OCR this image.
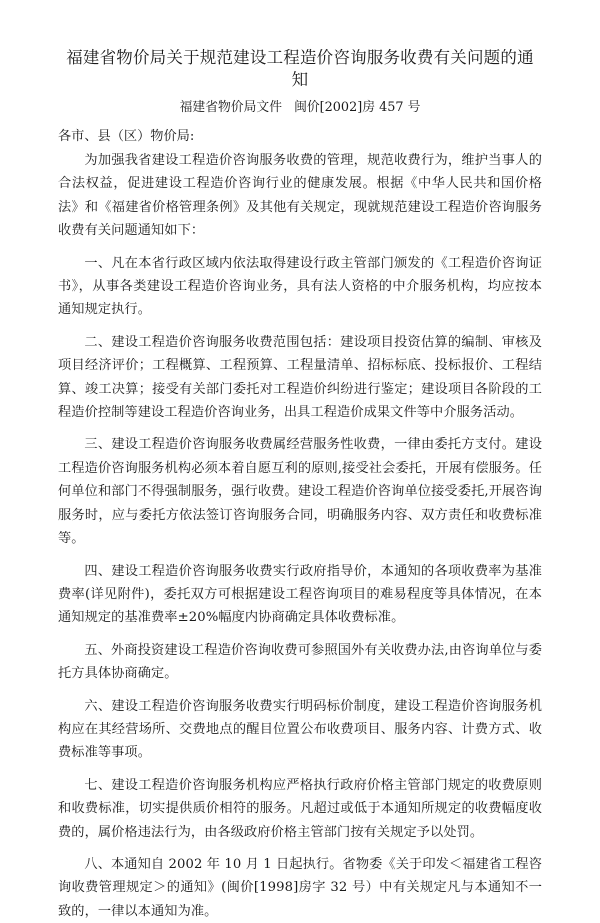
福建省物价局关于规范建设工程造价咨询服务收费有关问题的通知
福建省物价局文件 闽价[2002]房 457 号

各市、县（区）物价局:

为加强我省建设工程造价咨询服务收费的管理，规范收费行为，维护当事人的合法权益，促进建设工程造价咨询行业的健康发展。根据《中华人民共和国价格法》和《福建省价格管理条例》及其他有关规定，现就规范建设工程造价咨询服务收费有关问题通知如下：

一、凡在本省行政区域内依法取得建设行政主管部门颁发的《工程造价咨询证书》，从事各类建设工程造价咨询业务，具有法人资格的中介服务机构，均应按本通知规定执行。

二、建设工程造价咨询服务收费范围包括：建设项目投资估算的编制、审核及项目经济评价；工程概算、工程预算、工程量清单、招标标底、投标报价、工程结算、竣工决算；接受有关部门委托对工程造价纠纷进行鉴定；建设项目各阶段的工程造价控制等建设工程造价咨询业务，出具工程造价成果文件等中介服务活动。

三、建设工程造价咨询服务收费属经营服务性收费，一律由委托方支付。建设工程造价咨询服务机构必须本着自愿互利的原则,接受社会委托，开展有偿服务。任何单位和部门不得强制服务，强行收费。建设工程造价咨询单位接受委托,开展咨询服务时，应与委托方依法签订咨询服务合同，明确服务内容、双方责任和收费标准等。

四、建设工程造价咨询服务收费实行政府指导价，本通知的各项收费率为基准费率(详见附件)，委托双方可根据建设工程咨询项目的难易程度等具体情况，在本通知规定的基准费率±20%幅度内协商确定具体收费标准。

五、外商投资建设工程造价咨询收费可参照国外有关收费办法,由咨询单位与委托方具体协商确定。

六、建设工程造价咨询服务收费实行明码标价制度，建设工程造价咨询服务机构应在其经营场所、交费地点的醒目位置公布收费项目、服务内容、计费方式、收费标准等事项。

七、建设工程造价咨询服务机构应严格执行政府价格主管部门规定的收费原则和收费标准，切实提供质价相符的服务。凡超过或低于本通知所规定的收费幅度收费的，属价格违法行为，由各级政府价格主管部门按有关规定予以处罚。

八、本通知自 2002 年 10 月 1 日起执行。省物委《关于印发＜福建省工程咨询收费管理规定＞的通知》(闽价[1998]房字 32 号）中有关规定凡与本通知不一致的，一律以本通知为准。
